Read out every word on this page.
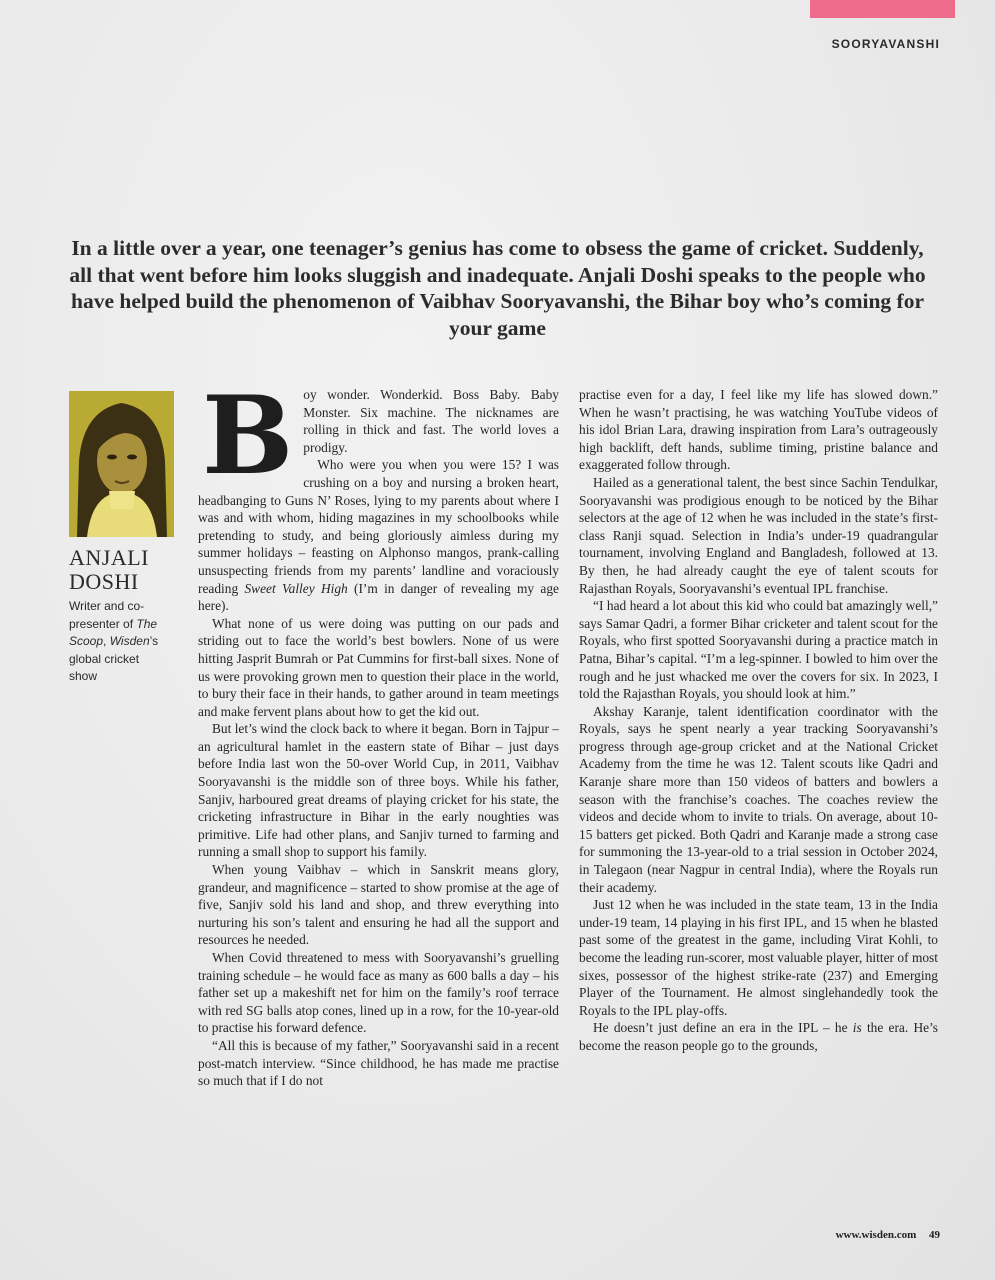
SOORYAVANSHI
In a little over a year, one teenager’s genius has come to obsess the game of cricket. Suddenly, all that went before him looks sluggish and inadequate. Anjali Doshi speaks to the people who have helped build the phenomenon of Vaibhav Sooryavanshi, the Bihar boy who’s coming for your game
ANJALI
DOSHI
Writer and co-presenter of The Scoop, Wisden’s global cricket show

Boy wonder. Wonderkid. Boss Baby. Baby Monster. Six machine. The nicknames are rolling in thick and fast. The world loves a prodigy.

Who were you when you were 15? I was crushing on a boy and nursing a broken heart, headbanging to Guns N’ Roses, lying to my parents about where I was and with whom, hiding magazines in my schoolbooks while pretending to study, and being gloriously aimless during my summer holidays – feasting on Alphonso mangos, prank-calling unsuspecting friends from my parents’ landline and voraciously reading Sweet Valley High (I’m in danger of revealing my age here).

What none of us were doing was putting on our pads and striding out to face the world’s best bowlers. None of us were hitting Jasprit Bumrah or Pat Cummins for first-ball sixes. None of us were provoking grown men to question their place in the world, to bury their face in their hands, to gather around in team meetings and make fervent plans about how to get the kid out.

But let’s wind the clock back to where it began. Born in Tajpur – an agricultural hamlet in the eastern state of Bihar – just days before India last won the 50-over World Cup, in 2011, Vaibhav Sooryavanshi is the middle son of three boys. While his father, Sanjiv, harboured great dreams of playing cricket for his state, the cricketing infrastructure in Bihar in the early noughties was primitive. Life had other plans, and Sanjiv turned to farming and running a small shop to support his family.

When young Vaibhav – which in Sanskrit means glory, grandeur, and magnificence – started to show promise at the age of five, Sanjiv sold his land and shop, and threw everything into nurturing his son’s talent and ensuring he had all the support and resources he needed.

When Covid threatened to mess with Sooryavanshi’s gruelling training schedule – he would face as many as 600 balls a day – his father set up a makeshift net for him on the family’s roof terrace with red SG balls atop cones, lined up in a row, for the 10-year-old to practise his forward defence.

“All this is because of my father,” Sooryavanshi said in a recent post-match interview. “Since childhood, he has made me practise so much that if I do not

practise even for a day, I feel like my life has slowed down.” When he wasn’t practising, he was watching YouTube videos of his idol Brian Lara, drawing inspiration from Lara’s outrageously high backlift, deft hands, sublime timing, pristine balance and exaggerated follow through.

Hailed as a generational talent, the best since Sachin Tendulkar, Sooryavanshi was prodigious enough to be noticed by the Bihar selectors at the age of 12 when he was included in the state’s first-class Ranji squad. Selection in India’s under-19 quadrangular tournament, involving England and Bangladesh, followed at 13. By then, he had already caught the eye of talent scouts for Rajasthan Royals, Sooryavanshi’s eventual IPL franchise.

“I had heard a lot about this kid who could bat amazingly well,” says Samar Qadri, a former Bihar cricketer and talent scout for the Royals, who first spotted Sooryavanshi during a practice match in Patna, Bihar’s capital. “I’m a leg-spinner. I bowled to him over the rough and he just whacked me over the covers for six. In 2023, I told the Rajasthan Royals, you should look at him.”

Akshay Karanje, talent identification coordinator with the Royals, says he spent nearly a year tracking Sooryavanshi’s progress through age-group cricket and at the National Cricket Academy from the time he was 12. Talent scouts like Qadri and Karanje share more than 150 videos of batters and bowlers a season with the franchise’s coaches. The coaches review the videos and decide whom to invite to trials. On average, about 10-15 batters get picked. Both Qadri and Karanje made a strong case for summoning the 13-year-old to a trial session in October 2024, in Talegaon (near Nagpur in central India), where the Royals run their academy.

Just 12 when he was included in the state team, 13 in the India under-19 team, 14 playing in his first IPL, and 15 when he blasted past some of the greatest in the game, including Virat Kohli, to become the leading run-scorer, most valuable player, hitter of most sixes, possessor of the highest strike-rate (237) and Emerging Player of the Tournament. He almost singlehandedly took the Royals to the IPL play-offs.

He doesn’t just define an era in the IPL – he is the era. He’s become the reason people go to the grounds,

www.wisden.com 49
